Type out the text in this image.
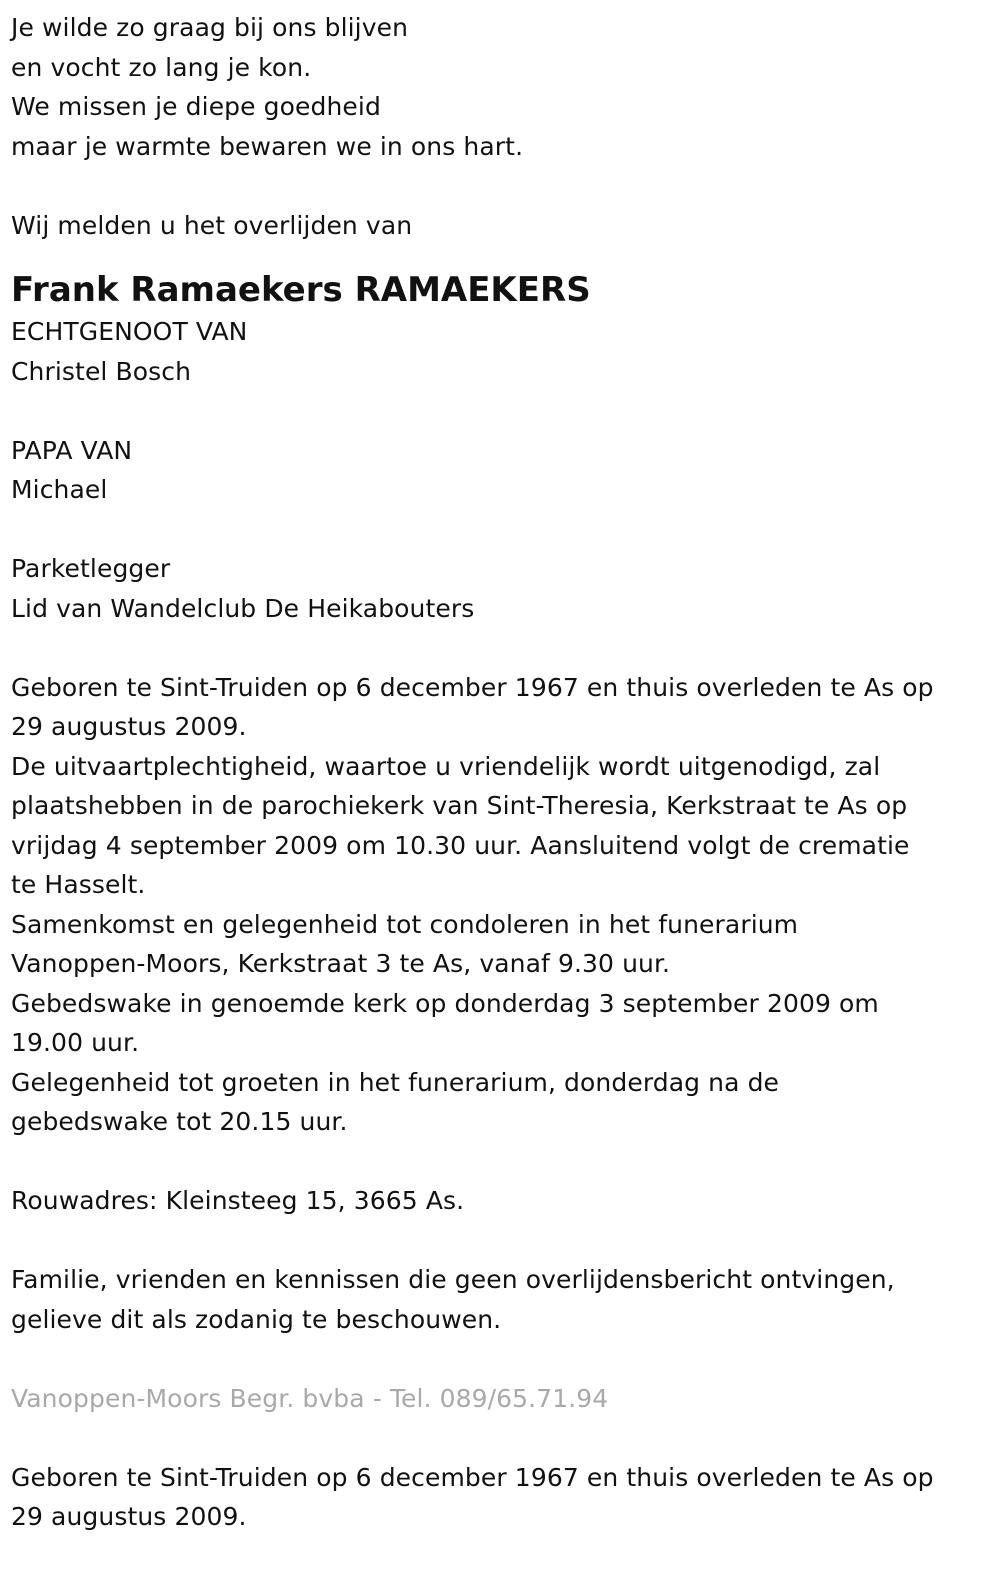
Je wilde zo graag bij ons blijven
en vocht zo lang je kon.
We missen je diepe goedheid
maar je warmte bewaren we in ons hart.
Wij melden u het overlijden van
Frank Ramaekers RAMAEKERS
ECHTGENOOT VAN
Christel Bosch
PAPA VAN
Michael
Parketlegger
Lid van Wandelclub De Heikabouters
Geboren te Sint-Truiden op 6 december 1967 en thuis overleden te As op
29 augustus 2009.
De uitvaartplechtigheid, waartoe u vriendelijk wordt uitgenodigd, zal
plaatshebben in de parochiekerk van Sint-Theresia, Kerkstraat te As op
vrijdag 4 september 2009 om 10.30 uur. Aansluitend volgt de crematie
te Hasselt.
Samenkomst en gelegenheid tot condoleren in het funerarium
Vanoppen-Moors, Kerkstraat 3 te As, vanaf 9.30 uur.
Gebedswake in genoemde kerk op donderdag 3 september 2009 om
19.00 uur.
Gelegenheid tot groeten in het funerarium, donderdag na de
gebedswake tot 20.15 uur.
Rouwadres: Kleinsteeg 15, 3665 As.
Familie, vrienden en kennissen die geen overlijdensbericht ontvingen,
gelieve dit als zodanig te beschouwen.
Vanoppen-Moors Begr. bvba - Tel. 089/65.71.94
Geboren te Sint-Truiden op 6 december 1967 en thuis overleden te As op
29 augustus 2009.
